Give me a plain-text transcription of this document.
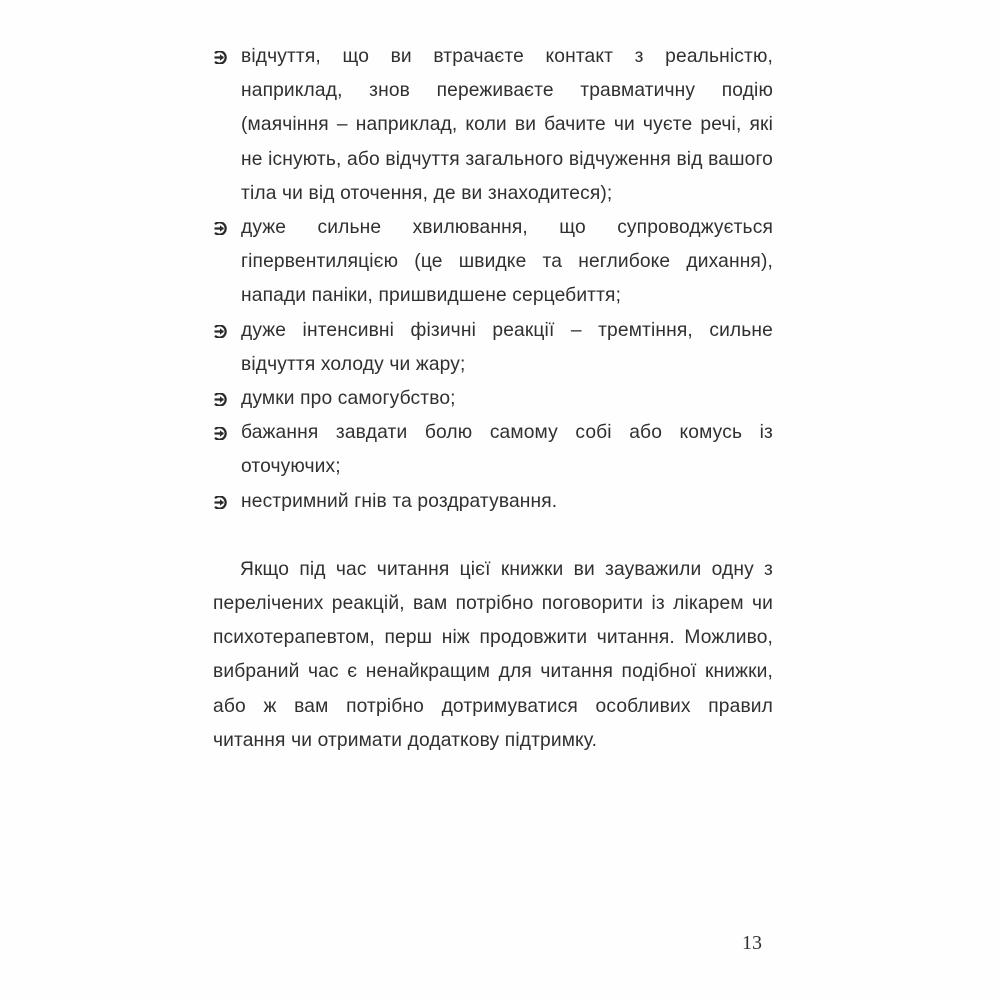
відчуття, що ви втрачаєте контакт з реальністю, наприклад, знов переживаєте травматичну подію (маячіння – наприклад, коли ви бачите чи чуєте речі, які не існують, або відчуття загального відчуження від вашого тіла чи від оточення, де ви знаходитеся);
дуже сильне хвилювання, що супроводжується гіпервентиляцією (це швидке та неглибоке дихання), напади паніки, пришвидшене серцебиття;
дуже інтенсивні фізичні реакції – тремтіння, сильне відчуття холоду чи жару;
думки про самогубство;
бажання завдати болю самому собі або комусь із оточуючих;
нестримний гнів та роздратування.

Якщо під час читання цієї книжки ви зауважили одну з перелічених реакцій, вам потрібно поговорити із лікарем чи психотерапевтом, перш ніж продовжити читання. Можливо, вибраний час є ненайкращим для читання подібної книжки, або ж вам потрібно дотримуватися особливих правил читання чи отримати додаткову підтримку.

13
